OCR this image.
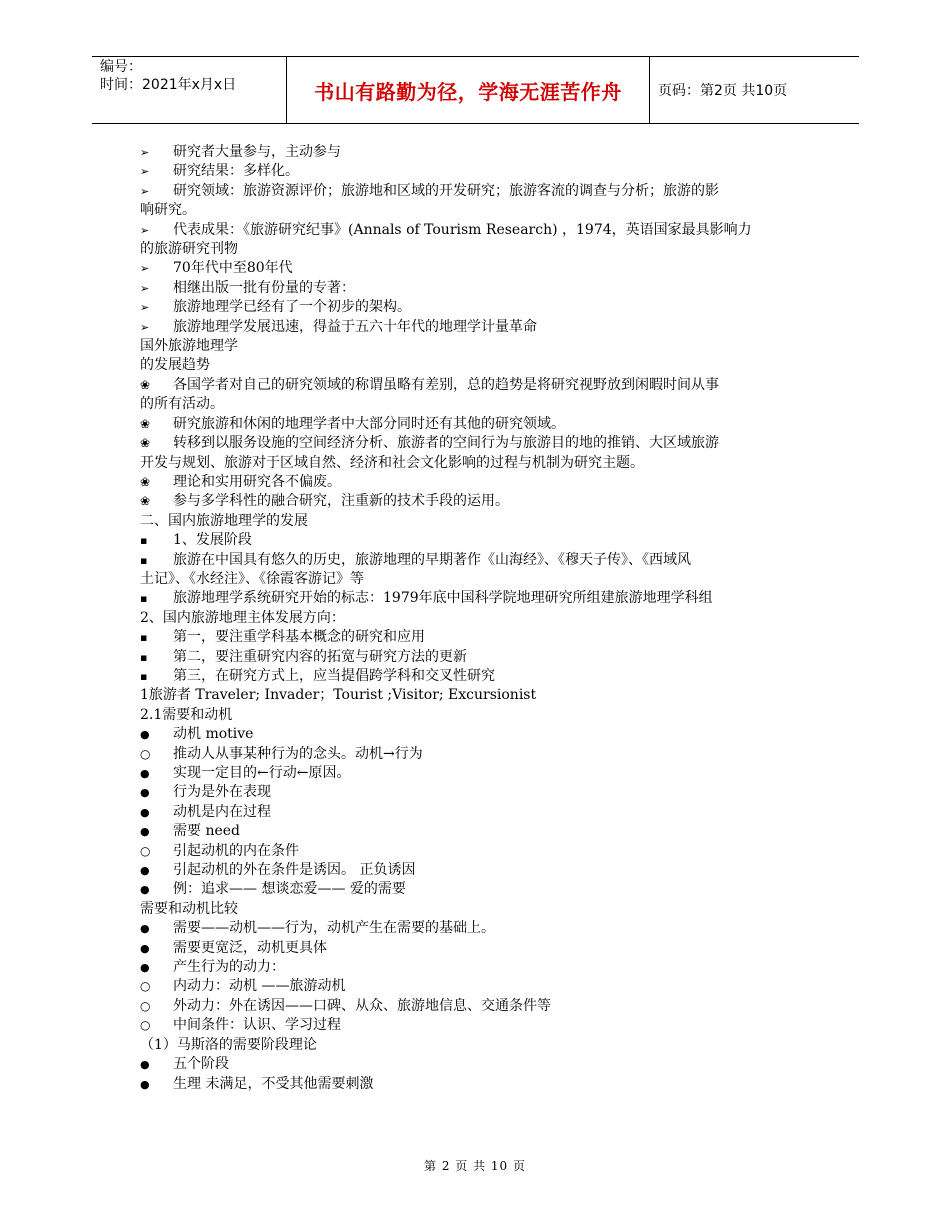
编号：
时间：2021年x月x日	书山有路勤为径，学海无涯苦作舟	页码：第2页 共10页
➢
研究者大量参与，主动参与
➢
研究结果：多样化。
➢
研究领域：旅游资源评价；旅游地和区域的开发研究；旅游客流的调查与分析；旅游的影
响研究。
➢
代表成果：《旅游研究纪事》(Annals of Tourism Research) ，1974，英语国家最具影响力
的旅游研究刊物
➢
70年代中至80年代
➢
相继出版一批有份量的专著：
➢
旅游地理学已经有了一个初步的架构。
➢
旅游地理学发展迅速，得益于五六十年代的地理学计量革命
国外旅游地理学
的发展趋势
❀
各国学者对自己的研究领域的称谓虽略有差别，总的趋势是将研究视野放到闲暇时间从事
的所有活动。
❀
研究旅游和休闲的地理学者中大部分同时还有其他的研究领域。
❀
转移到以服务设施的空间经济分析、旅游者的空间行为与旅游目的地的推销、大区域旅游
开发与规划、旅游对于区域自然、经济和社会文化影响的过程与机制为研究主题。
❀
理论和实用研究各不偏废。
❀
参与多学科性的融合研究，注重新的技术手段的运用。
二、国内旅游地理学的发展
▪
1、发展阶段
▪
旅游在中国具有悠久的历史，旅游地理的早期著作《山海经》、《穆天子传》、《西域风
土记》、《水经注》、《徐霞客游记》等
▪
旅游地理学系统研究开始的标志：1979年底中国科学院地理研究所组建旅游地理学科组
2、国内旅游地理主体发展方向：
▪
第一，要注重学科基本概念的研究和应用
▪
第二，要注重研究内容的拓宽与研究方法的更新
▪
第三，在研究方式上，应当提倡跨学科和交叉性研究
1旅游者 Traveler; Invader；Tourist ;Visitor; Excursionist
2.1需要和动机
●
动机 motive
○
推动人从事某种行为的念头。动机→行为
●
实现一定目的←行动←原因。
●
行为是外在表现
●
动机是内在过程
●
需要 need
○
引起动机的内在条件
●
引起动机的外在条件是诱因。 正负诱因
●
例：追求—— 想谈恋爱—— 爱的需要
需要和动机比较
●
需要——动机——行为，动机产生在需要的基础上。
●
需要更宽泛，动机更具体
●
产生行为的动力：
○
内动力：动机 ——旅游动机
○
外动力：外在诱因——口碑、从众、旅游地信息、交通条件等
○
中间条件：认识、学习过程
（1）马斯洛的需要阶段理论
●
五个阶段
●
生理 未满足，不受其他需要刺激
第 2 页 共 10 页
